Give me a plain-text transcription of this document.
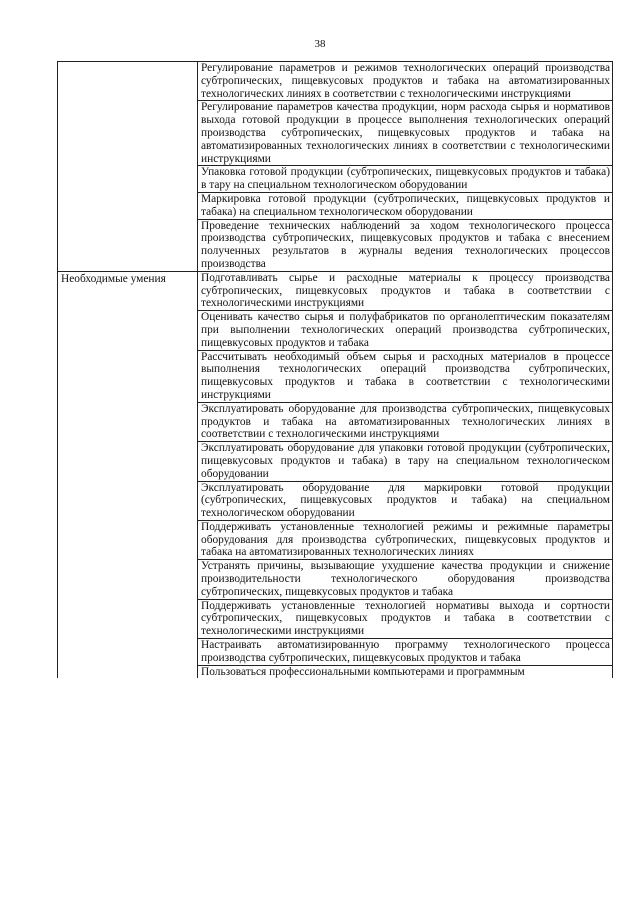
38
	Регулирование параметров и режимов технологических операций производства субтропических, пищевкусовых продуктов и табака на автоматизированных технологических линиях в соответствии с технологическими инструкциями
	Регулирование параметров качества продукции, норм расхода сырья и нормативов выхода готовой продукции в процессе выполнения технологических операций производства субтропических, пищевкусовых продуктов и табака на автоматизированных технологических линиях в соответствии с технологическими инструкциями
	Упаковка готовой продукции (субтропических, пищевкусовых продуктов и табака) в тару на специальном технологическом оборудовании
	Маркировка готовой продукции (субтропических, пищевкусовых продуктов и табака) на специальном технологическом оборудовании
	Проведение технических наблюдений за ходом технологического процесса производства субтропических, пищевкусовых продуктов и табака с внесением полученных результатов в журналы ведения технологических процессов производства

Необходимые умения	Подготавливать сырье и расходные материалы к процессу производства субтропических, пищевкусовых продуктов и табака в соответствии с технологическими инструкциями
	Оценивать качество сырья и полуфабрикатов по органолептическим показателям при выполнении технологических операций производства субтропических, пищевкусовых продуктов и табака
	Рассчитывать необходимый объем сырья и расходных материалов в процессе выполнения технологических операций производства субтропических, пищевкусовых продуктов и табака в соответствии с технологическими инструкциями
	Эксплуатировать оборудование для производства субтропических, пищевкусовых продуктов и табака на автоматизированных технологических линиях в соответствии с технологическими инструкциями
	Эксплуатировать оборудование для упаковки готовой продукции (субтропических, пищевкусовых продуктов и табака) в тару на специальном технологическом оборудовании
	Эксплуатировать оборудование для маркировки готовой продукции (субтропических, пищевкусовых продуктов и табака) на специальном технологическом оборудовании
	Поддерживать установленные технологией режимы и режимные параметры оборудования для производства субтропических, пищевкусовых продуктов и табака на автоматизированных технологических линиях
	Устранять причины, вызывающие ухудшение качества продукции и снижение производительности технологического оборудования производства субтропических, пищевкусовых продуктов и табака
	Поддерживать установленные технологией нормативы выхода и сортности субтропических, пищевкусовых продуктов и табака в соответствии с технологическими инструкциями
	Настраивать автоматизированную программу технологического процесса производства субтропических, пищевкусовых продуктов и табака
	Пользоваться профессиональными компьютерами и программным
